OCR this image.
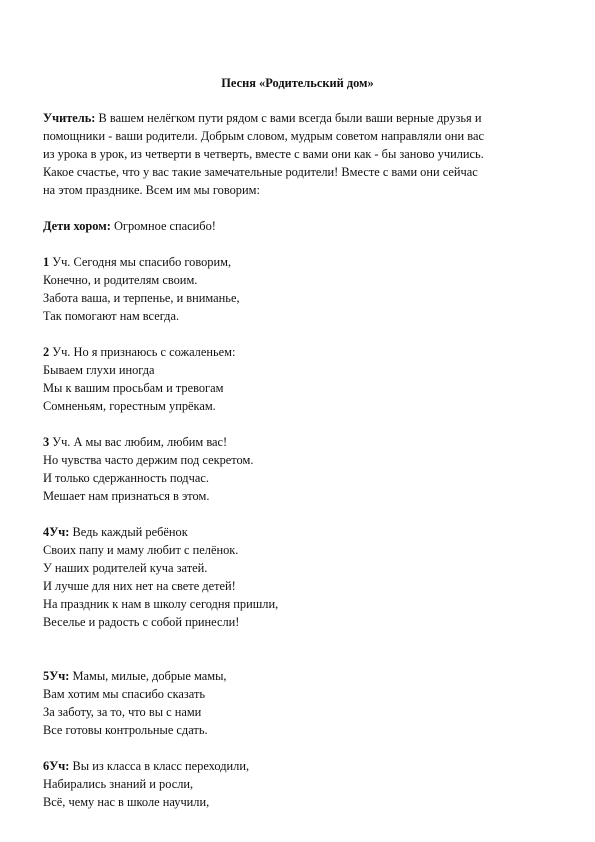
Песня «Родительский дом»

Учитель: В вашем нелёгком пути рядом с вами всегда были ваши верные друзья и
помощники - ваши родители. Добрым словом, мудрым советом направляли они вас
из урока в урок, из четверти в четверть, вместе с вами они как - бы заново учились.
Какое счастье, что у вас такие замечательные родители! Вместе с вами они сейчас
на этом празднике. Всем им мы говорим:
Дети хором: Огромное спасибо!
1 Уч. Сегодня мы спасибо говорим,
Конечно, и родителям своим.
Забота ваша, и терпенье, и вниманье,
Так помогают нам всегда.
2 Уч. Но я признаюсь с сожаленьем:
Бываем глухи иногда
Мы к вашим просьбам и тревогам
Сомненьям, горестным упрёкам.
3 Уч. А мы вас любим, любим вас!
Но чувства часто держим под секретом.
И только сдержанность подчас.
Мешает нам признаться в этом.
4Уч: Ведь каждый ребёнок
Своих папу и маму любит с пелёнок.
У наших родителей куча затей.
И лучше для них нет на свете детей!
На праздник к нам в школу сегодня пришли,
Веселье и радость с собой принесли!
5Уч: Мамы, милые, добрые мамы,
Вам хотим мы спасибо сказать
За заботу, за то, что вы с нами
Все готовы контрольные сдать.
6Уч: Вы из класса в класс переходили,
Набирались знаний и росли,
Всё, чему нас в школе научили,
